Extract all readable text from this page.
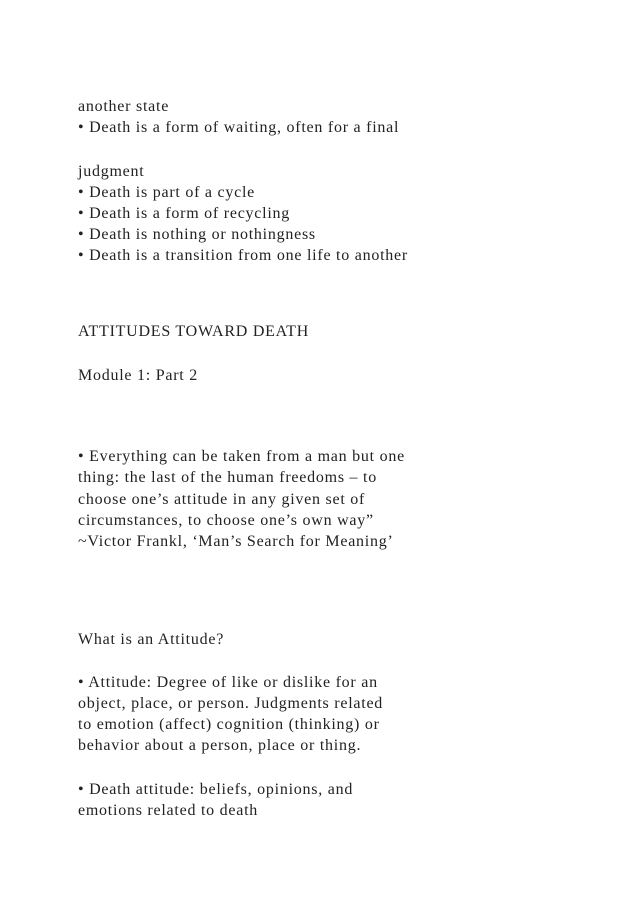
another state

• Death is a form of waiting, often for a final

judgment

• Death is part of a cycle

• Death is a form of recycling

• Death is nothing or nothingness

• Death is a transition from one life to another

ATTITUDES TOWARD DEATH

Module 1: Part 2

• Everything can be taken from a man but one

thing: the last of the human freedoms – to

choose one’s attitude in any given set of

circumstances, to choose one’s own way”

~Victor Frankl, ‘Man’s Search for Meaning’

What is an Attitude?

• Attitude: Degree of like or dislike for an

object, place, or person. Judgments related

to emotion (affect) cognition (thinking) or

behavior about a person, place or thing.

• Death attitude: beliefs, opinions, and

emotions related to death
